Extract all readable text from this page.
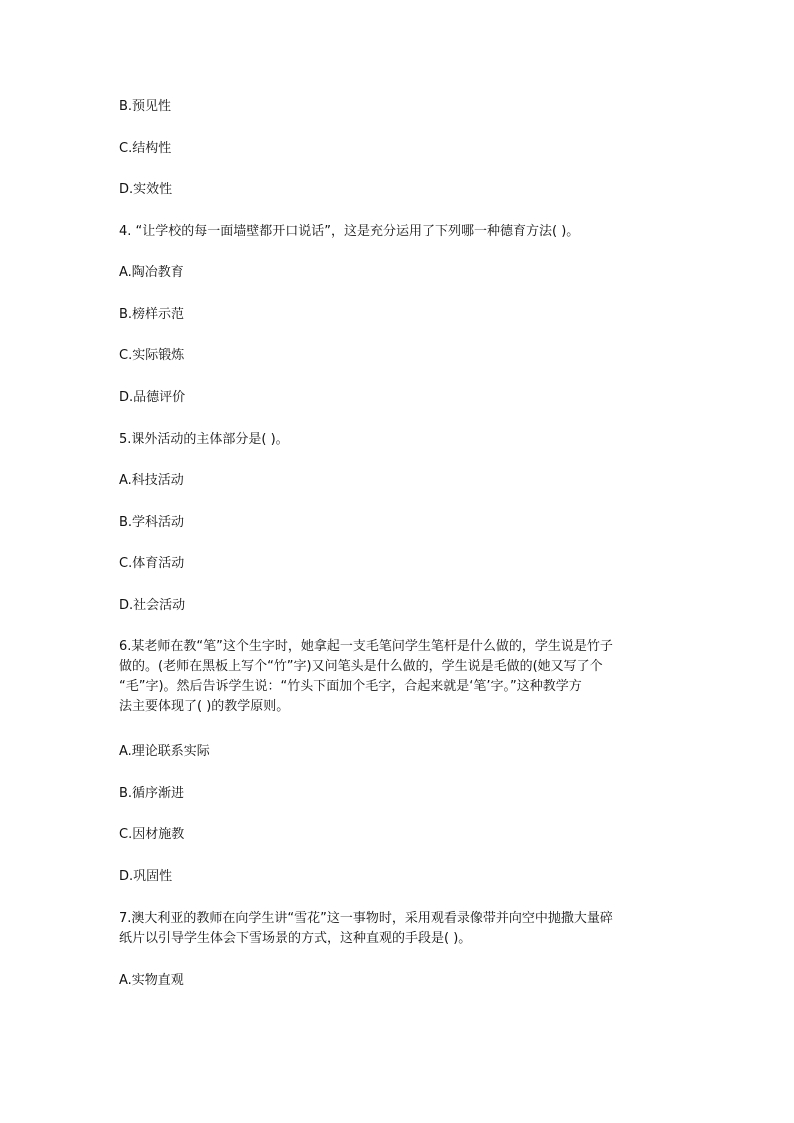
B.预见性
C.结构性
D.实效性
4. “让学校的每一面墙壁都开口说话”，这是充分运用了下列哪一种德育方法( )。
A.陶冶教育
B.榜样示范
C.实际锻炼
D.品德评价
5.课外活动的主体部分是( )。
A.科技活动
B.学科活动
C.体育活动
D.社会活动
6.某老师在教“笔”这个生字时，她拿起一支毛笔问学生笔杆是什么做的，学生说是竹子
做的。(老师在黑板上写个“竹”字)又问笔头是什么做的，学生说是毛做的(她又写了个
“毛”字)。然后告诉学生说：“竹头下面加个毛字，合起来就是‘笔’字。”这种教学方
法主要体现了( )的教学原则。
A.理论联系实际
B.循序渐进
C.因材施教
D.巩固性
7.澳大利亚的教师在向学生讲“雪花”这一事物时，采用观看录像带并向空中抛撒大量碎
纸片以引导学生体会下雪场景的方式，这种直观的手段是( )。
A.实物直观
